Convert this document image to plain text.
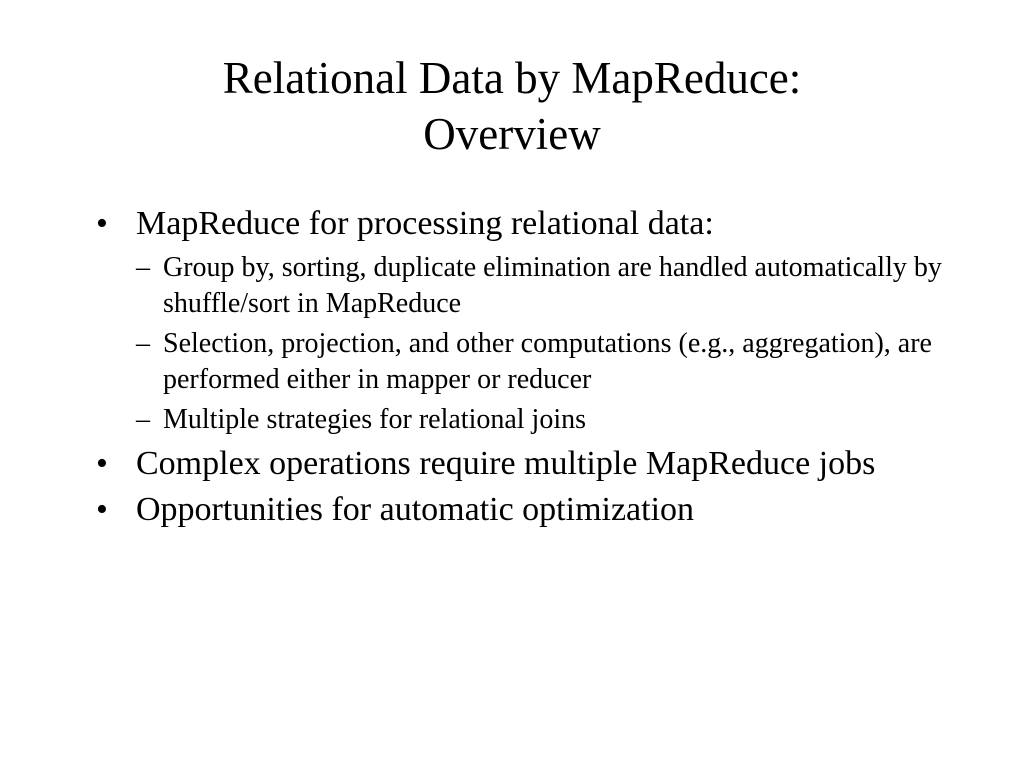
Relational Data by MapReduce:
Overview
• MapReduce for processing relational data:
– Group by, sorting, duplicate elimination are handled automatically by shuffle/sort in MapReduce
– Selection, projection, and other computations (e.g., aggregation), are performed either in mapper or reducer
– Multiple strategies for relational joins
• Complex operations require multiple MapReduce jobs
• Opportunities for automatic optimization
